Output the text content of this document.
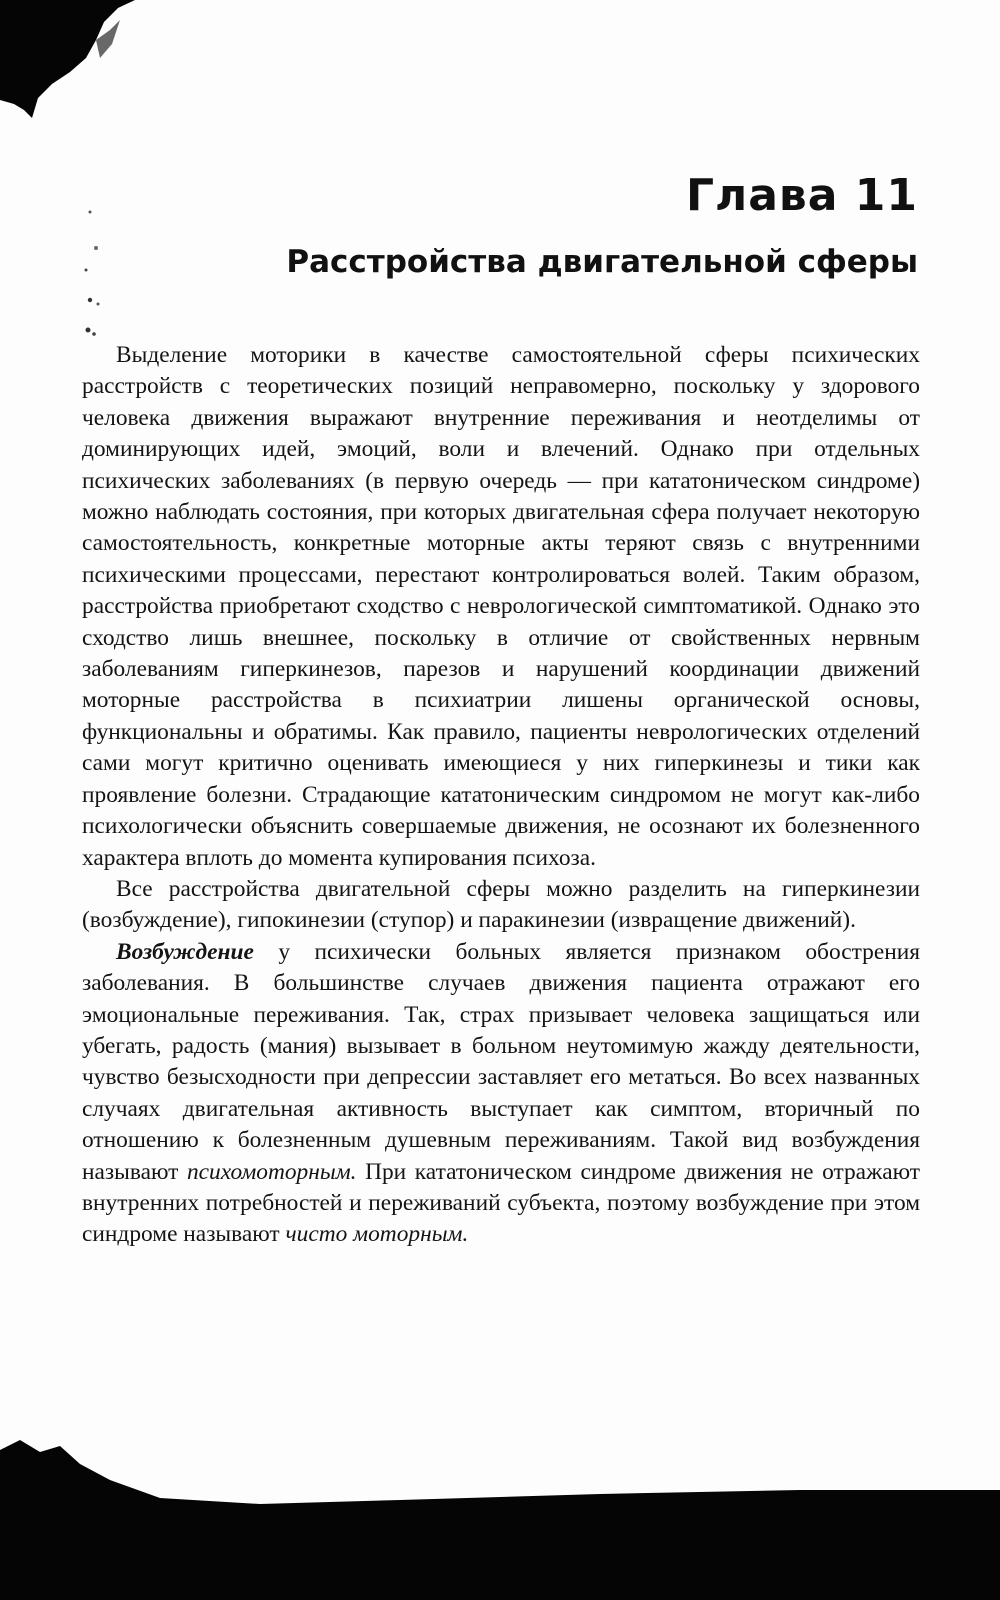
Глава 11
Расстройства двигательной сферы

Выделение моторики в качестве самостоятельной сферы психических расстройств с теоретических позиций неправомерно, поскольку у здорового человека движения выражают внутренние переживания и неотделимы от доминирующих идей, эмоций, воли и влечений. Однако при отдельных психических заболеваниях (в первую очередь — при кататоническом синдроме) можно наблюдать состояния, при которых двигательная сфера получает некоторую самостоятельность, конкретные моторные акты теряют связь с внутренними психическими процессами, перестают контролироваться волей. Таким образом, расстройства приобретают сходство с неврологической симптоматикой. Однако это сходство лишь внешнее, поскольку в отличие от свойственных нервным заболеваниям гиперкинезов, парезов и нарушений координации движений моторные расстройства в психиатрии лишены органической основы, функциональны и обратимы. Как правило, пациенты неврологических отделений сами могут критично оценивать имеющиеся у них гиперкинезы и тики как проявление болезни. Страдающие кататоническим синдромом не могут как-либо психологически объяснить совершаемые движения, не осознают их болезненного характера вплоть до момента купирования психоза.

Все расстройства двигательной сферы можно разделить на гиперкинезии (возбуждение), гипокинезии (ступор) и паракинезии (извращение движений).

Возбуждение у психически больных является признаком обострения заболевания. В большинстве случаев движения пациента отражают его эмоциональные переживания. Так, страх призывает человека защищаться или убегать, радость (мания) вызывает в больном неутомимую жажду деятельности, чувство безысходности при депрессии заставляет его метаться. Во всех названных случаях двигательная активность выступает как симптом, вторичный по отношению к болезненным душевным переживаниям. Такой вид возбуждения называют психомоторным. При кататоническом синдроме движения не отражают внутренних потребностей и переживаний субъекта, поэтому возбуждение при этом синдроме называют чисто моторным.
